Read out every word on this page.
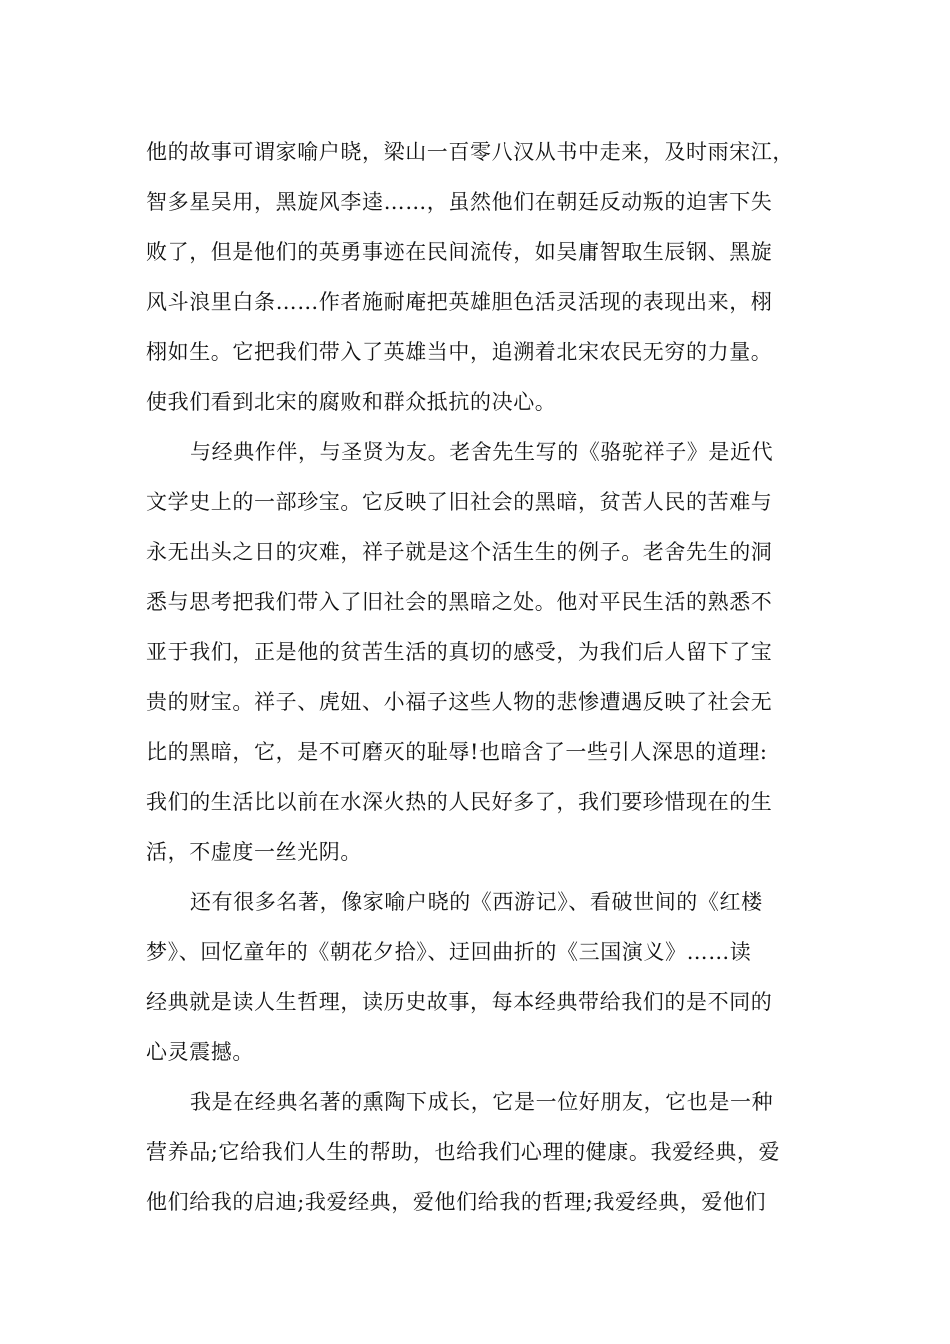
他的故事可谓家喻户晓，梁山一百零八汉从书中走来，及时雨宋江，
智多星吴用，黑旋风李逵……，虽然他们在朝廷反动叛的迫害下失
败了，但是他们的英勇事迹在民间流传，如吴庸智取生辰钢、黑旋
风斗浪里白条……作者施耐庵把英雄胆色活灵活现的表现出来，栩
栩如生。它把我们带入了英雄当中，追溯着北宋农民无穷的力量。
使我们看到北宋的腐败和群众抵抗的决心。
与经典作伴，与圣贤为友。老舍先生写的《骆驼祥子》是近代
文学史上的一部珍宝。它反映了旧社会的黑暗，贫苦人民的苦难与
永无出头之日的灾难，祥子就是这个活生生的例子。老舍先生的洞
悉与思考把我们带入了旧社会的黑暗之处。他对平民生活的熟悉不
亚于我们，正是他的贫苦生活的真切的感受，为我们后人留下了宝
贵的财宝。祥子、虎妞、小福子这些人物的悲惨遭遇反映了社会无
比的黑暗，它，是不可磨灭的耻辱!也暗含了一些引人深思的道理:
我们的生活比以前在水深火热的人民好多了，我们要珍惜现在的生
活，不虚度一丝光阴。
还有很多名著，像家喻户晓的《西游记》、看破世间的《红楼
梦》、回忆童年的《朝花夕拾》、迂回曲折的《三国演义》……读
经典就是读人生哲理，读历史故事，每本经典带给我们的是不同的
心灵震撼。
我是在经典名著的熏陶下成长，它是一位好朋友，它也是一种
营养品;它给我们人生的帮助，也给我们心理的健康。我爱经典，爱
他们给我的启迪;我爱经典，爱他们给我的哲理;我爱经典，爱他们
